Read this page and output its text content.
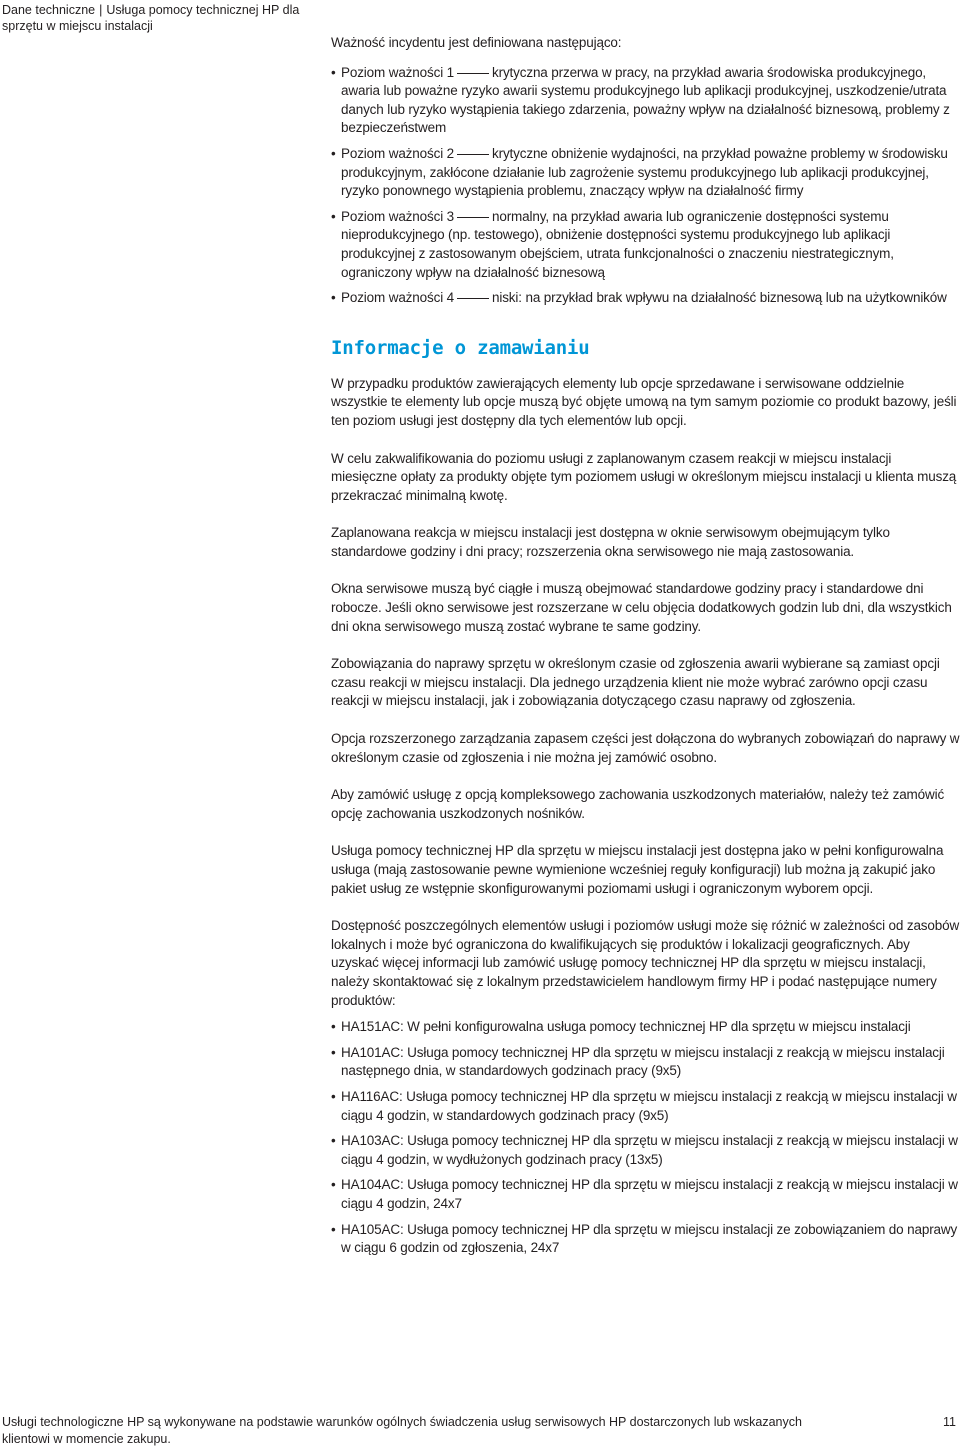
Dane techniczne | Usługa pomocy technicznej HP dla sprzętu w miejscu instalacji

Ważność incydentu jest definiowana następująco:

• Poziom ważności 1	krytyczna przerwa w pracy, na przykład awaria środowiska produkcyjnego, awaria lub poważne ryzyko awarii systemu produkcyjnego lub aplikacji produkcyjnej, uszkodzenie/utrata danych lub ryzyko wystąpienia takiego zdarzenia, poważny wpływ na działalność biznesową, problemy z bezpieczeństwem
• Poziom ważności 2	krytyczne obniżenie wydajności, na przykład poważne problemy w środowisku produkcyjnym, zakłócone działanie lub zagrożenie systemu produkcyjnego lub aplikacji produkcyjnej, ryzyko ponownego wystąpienia problemu, znaczący wpływ na działalność firmy
• Poziom ważności 3	normalny, na przykład awaria lub ograniczenie dostępności systemu nieprodukcyjnego (np. testowego), obniżenie dostępności systemu produkcyjnego lub aplikacji produkcyjnej z zastosowanym obejściem, utrata funkcjonalności o znaczeniu niestrategicznym, ograniczony wpływ na działalność biznesową
• Poziom ważności 4	niski: na przykład brak wpływu na działalność biznesową lub na użytkowników
Informacje o zamawianiu

W przypadku produktów zawierających elementy lub opcje sprzedawane i serwisowane oddzielnie wszystkie te elementy lub opcje muszą być objęte umową na tym samym poziomie co produkt bazowy, jeśli ten poziom usługi jest dostępny dla tych elementów lub opcji.

W celu zakwalifikowania do poziomu usługi z zaplanowanym czasem reakcji w miejscu instalacji miesięczne opłaty za produkty objęte tym poziomem usługi w określonym miejscu instalacji u klienta muszą przekraczać minimalną kwotę.

Zaplanowana reakcja w miejscu instalacji jest dostępna w oknie serwisowym obejmującym tylko standardowe godziny i dni pracy; rozszerzenia okna serwisowego nie mają zastosowania.

Okna serwisowe muszą być ciągłe i muszą obejmować standardowe godziny pracy i standardowe dni robocze. Jeśli okno serwisowe jest rozszerzane w celu objęcia dodatkowych godzin lub dni, dla wszystkich dni okna serwisowego muszą zostać wybrane te same godziny.

Zobowiązania do naprawy sprzętu w określonym czasie od zgłoszenia awarii wybierane są zamiast opcji czasu reakcji w miejscu instalacji. Dla jednego urządzenia klient nie może wybrać zarówno opcji czasu reakcji w miejscu instalacji, jak i zobowiązania dotyczącego czasu naprawy od zgłoszenia.

Opcja rozszerzonego zarządzania zapasem części jest dołączona do wybranych zobowiązań do naprawy w określonym czasie od zgłoszenia i nie można jej zamówić osobno.

Aby zamówić usługę z opcją kompleksowego zachowania uszkodzonych materiałów, należy też zamówić opcję zachowania uszkodzonych nośników.

Usługa pomocy technicznej HP dla sprzętu w miejscu instalacji jest dostępna jako w pełni konfigurowalna usługa (mają zastosowanie pewne wymienione wcześniej reguły konfiguracji) lub można ją zakupić jako pakiet usług ze wstępnie skonfigurowanymi poziomami usługi i ograniczonym wyborem opcji.

Dostępność poszczególnych elementów usługi i poziomów usługi może się różnić w zależności od zasobów lokalnych i może być ograniczona do kwalifikujących się produktów i lokalizacji geograficznych. Aby uzyskać więcej informacji lub zamówić usługę pomocy technicznej HP dla sprzętu w miejscu instalacji, należy skontaktować się z lokalnym przedstawicielem handlowym firmy HP i podać następujące numery produktów:

• HA151AC: W pełni konfigurowalna usługa pomocy technicznej HP dla sprzętu w miejscu instalacji
• HA101AC: Usługa pomocy technicznej HP dla sprzętu w miejscu instalacji z reakcją w miejscu instalacji następnego dnia, w standardowych godzinach pracy (9x5)
• HA116AC: Usługa pomocy technicznej HP dla sprzętu w miejscu instalacji z reakcją w miejscu instalacji w ciągu 4 godzin, w standardowych godzinach pracy (9x5)
• HA103AC: Usługa pomocy technicznej HP dla sprzętu w miejscu instalacji z reakcją w miejscu instalacji w ciągu 4 godzin, w wydłużonych godzinach pracy (13x5)
• HA104AC: Usługa pomocy technicznej HP dla sprzętu w miejscu instalacji z reakcją w miejscu instalacji w ciągu 4 godzin, 24x7
• HA105AC: Usługa pomocy technicznej HP dla sprzętu w miejscu instalacji ze zobowiązaniem do naprawy w ciągu 6 godzin od zgłoszenia, 24x7
Usługi technologiczne HP są wykonywane na podstawie warunków ogólnych świadczenia usług serwisowych HP dostarczonych lub wskazanych klientowi w momencie zakupu.
11
